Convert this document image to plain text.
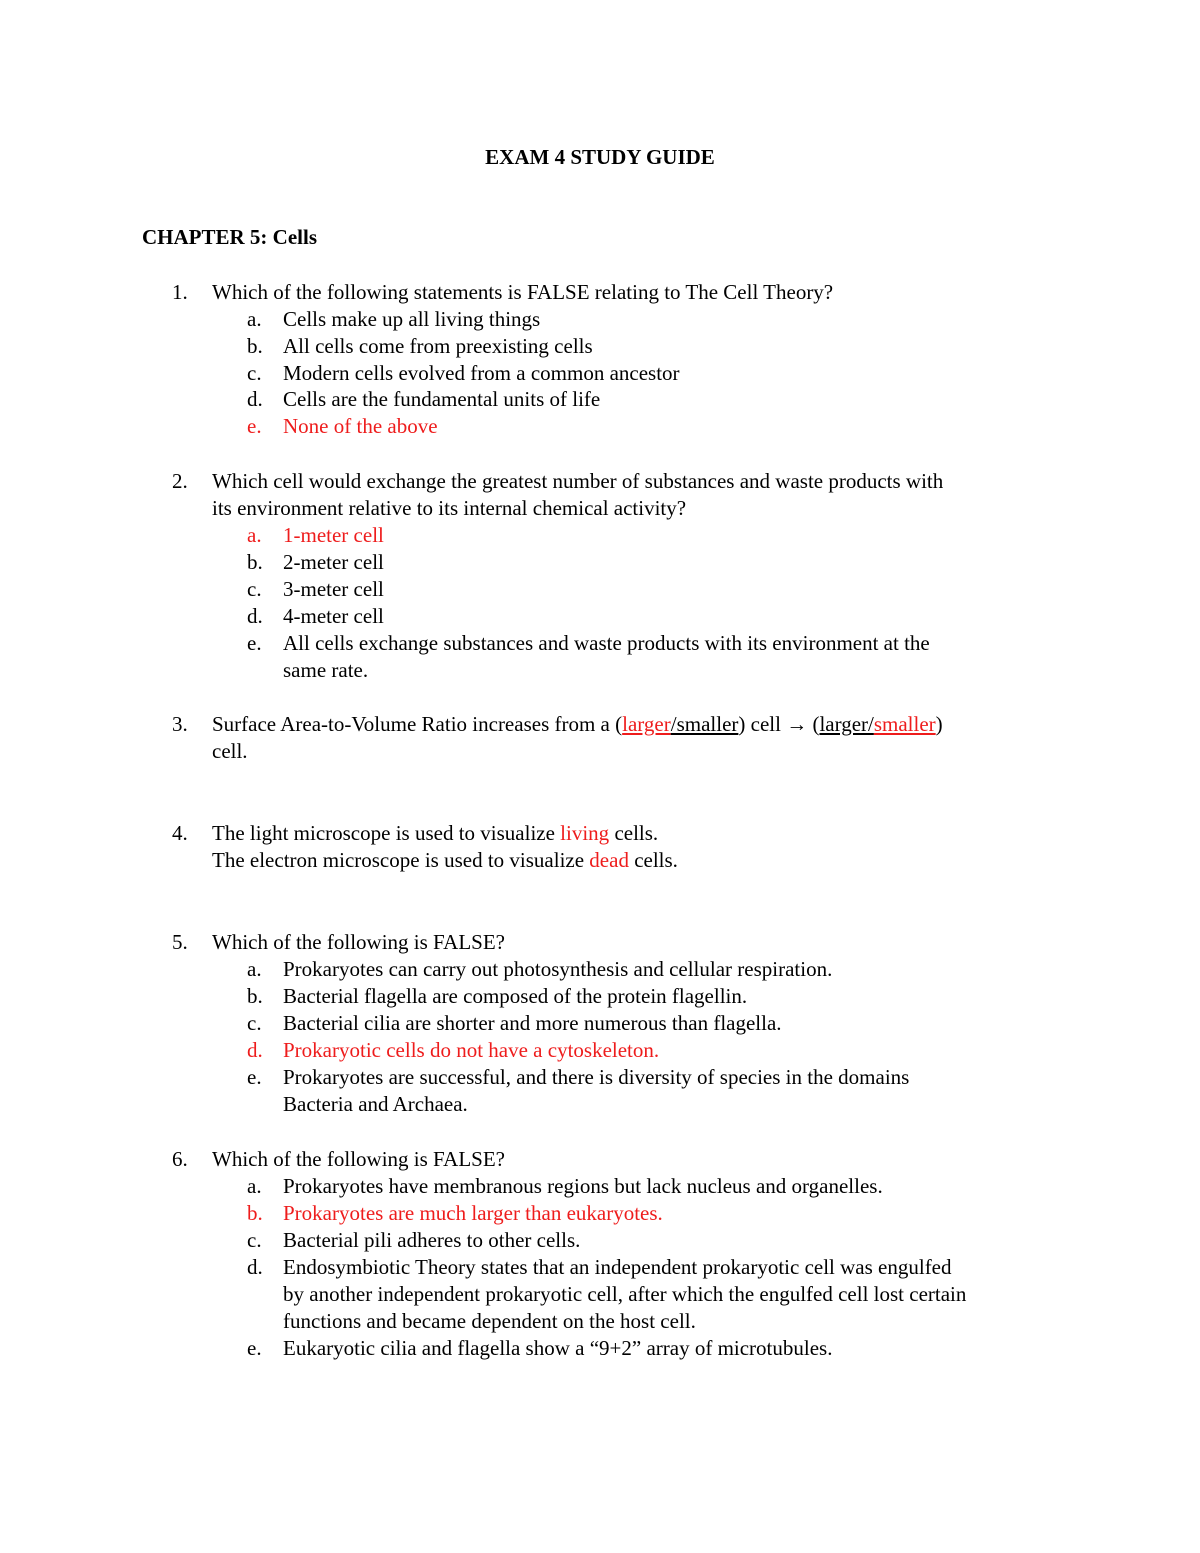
EXAM 4 STUDY GUIDE
CHAPTER 5: Cells
1. Which of the following statements is FALSE relating to The Cell Theory?
a. Cells make up all living things
b. All cells come from preexisting cells
c. Modern cells evolved from a common ancestor
d. Cells are the fundamental units of life
e. None of the above
2. Which cell would exchange the greatest number of substances and waste products with
its environment relative to its internal chemical activity?
a. 1-meter cell
b. 2-meter cell
c. 3-meter cell
d. 4-meter cell
e. All cells exchange substances and waste products with its environment at the
same rate.
3. Surface Area-to-Volume Ratio increases from a (larger/smaller) cell → (larger/smaller)
cell.
4. The light microscope is used to visualize living cells.
The electron microscope is used to visualize dead cells.
5. Which of the following is FALSE?
a. Prokaryotes can carry out photosynthesis and cellular respiration.
b. Bacterial flagella are composed of the protein flagellin.
c. Bacterial cilia are shorter and more numerous than flagella.
d. Prokaryotic cells do not have a cytoskeleton.
e. Prokaryotes are successful, and there is diversity of species in the domains
Bacteria and Archaea.
6. Which of the following is FALSE?
a. Prokaryotes have membranous regions but lack nucleus and organelles.
b. Prokaryotes are much larger than eukaryotes.
c. Bacterial pili adheres to other cells.
d. Endosymbiotic Theory states that an independent prokaryotic cell was engulfed
by another independent prokaryotic cell, after which the engulfed cell lost certain
functions and became dependent on the host cell.
e. Eukaryotic cilia and flagella show a “9+2” array of microtubules.
